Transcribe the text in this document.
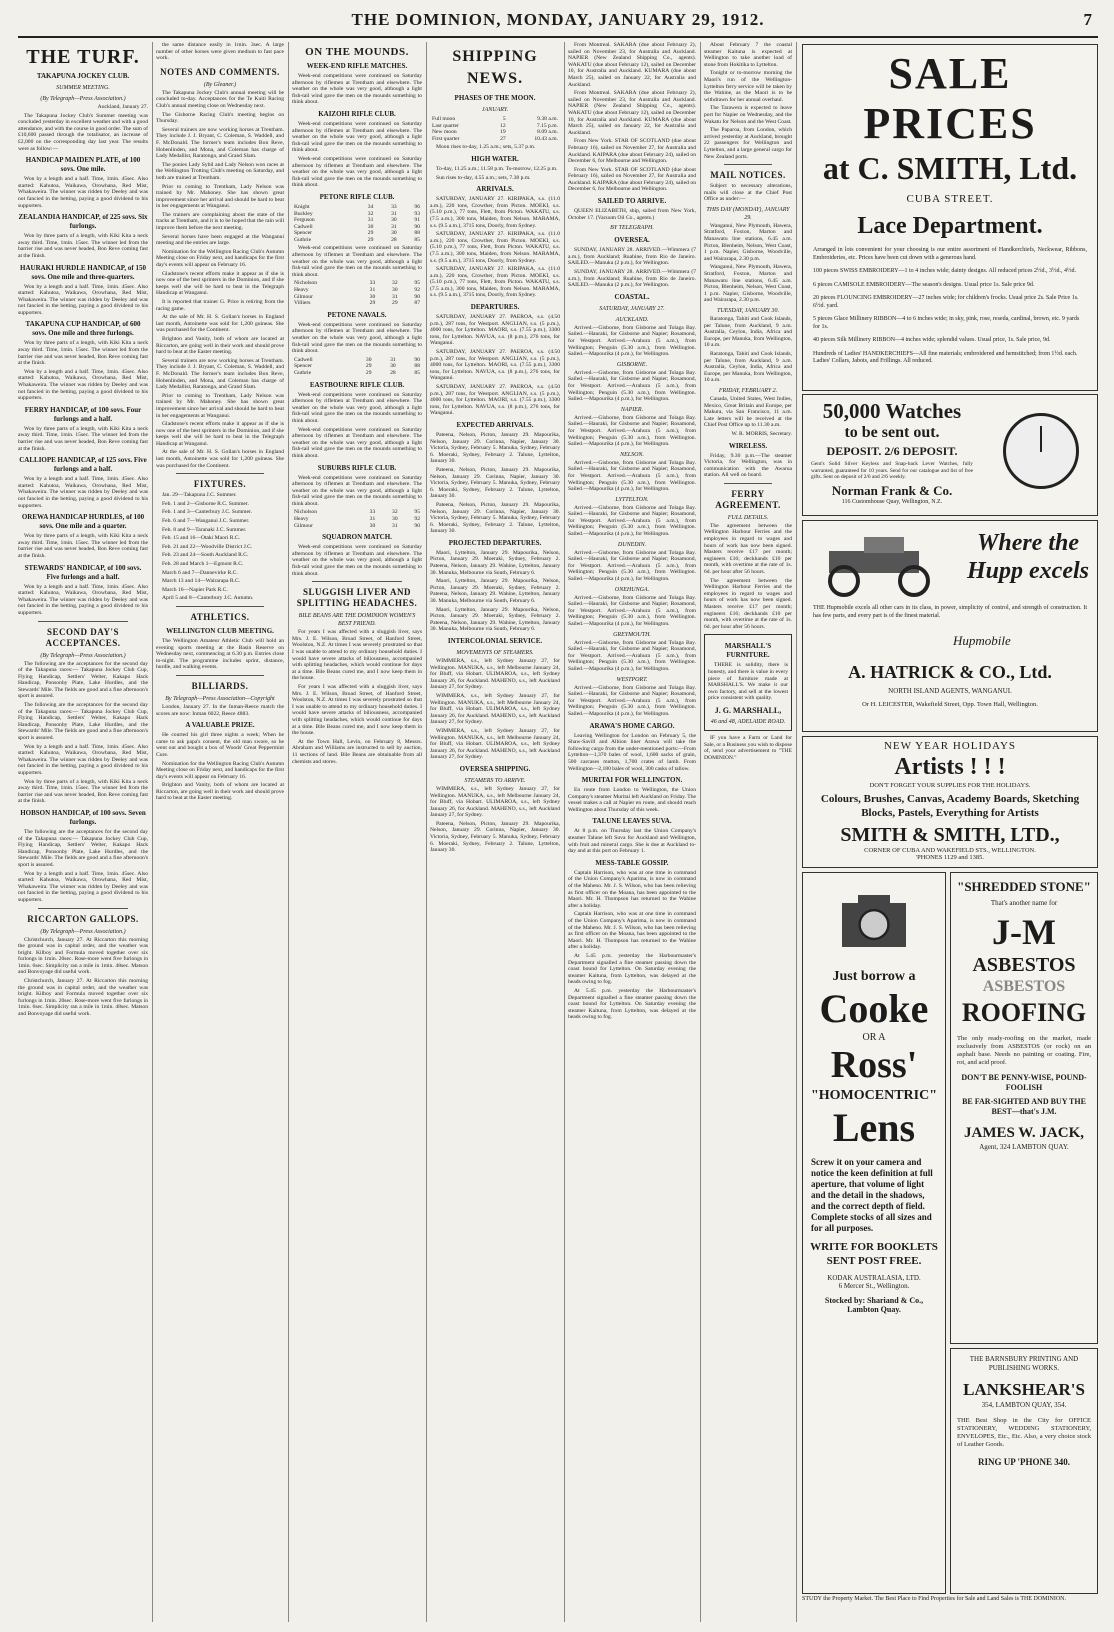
THE DOMINION, MONDAY, JANUARY 29, 1912.	7
THE TURF.
TAKAPUNA JOCKEY CLUB.
SUMMER MEETING.
(By Telegraph—Press Association.)

Auckland, January 27.

The Takapuna Jockey Club's Summer meeting was concluded yesterday in excellent weather and with a good attendance, and with the course in good order. The sum of £10,600 passed through the totalisator, an increase of £2,000 on the corresponding day last year. The results were as follow:—

HANDICAP MAIDEN PLATE, of 100 sovs. One mile.

Won by a length and a half. Time, 1min. 45sec. Also started: Kahutoa, Waikawa, Orowhana, Red Mist, Whakaweira. The winner was ridden by Deeley and was not fancied in the betting, paying a good dividend to his supporters.

ZEALANDIA HANDICAP, of 225 sovs. Six furlongs.

Won by three parts of a length, with Kiki Kita a neck away third. Time, 1min. 15sec. The winner led from the barrier rise and was never headed, Bon Reve coming fast at the finish.

HAURAKI HURDLE HANDICAP, of 150 sovs. One mile and three-quarters.

Won by a length and a half. Time, 1min. 45sec. Also started: Kahutoa, Waikawa, Orowhana, Red Mist, Whakaweira. The winner was ridden by Deeley and was not fancied in the betting, paying a good dividend to his supporters.

TAKAPUNA CUP HANDICAP, of 600 sovs. One mile and three furlongs.

Won by three parts of a length, with Kiki Kita a neck away third. Time, 1min. 15sec. The winner led from the barrier rise and was never headed, Bon Reve coming fast at the finish.

Won by a length and a half. Time, 1min. 45sec. Also started: Kahutoa, Waikawa, Orowhana, Red Mist, Whakaweira. The winner was ridden by Deeley and was not fancied in the betting, paying a good dividend to his supporters.

FERRY HANDICAP, of 100 sovs. Four furlongs and a half.

Won by three parts of a length, with Kiki Kita a neck away third. Time, 1min. 15sec. The winner led from the barrier rise and was never headed, Bon Reve coming fast at the finish.

CALLIOPE HANDICAP, of 125 sovs. Five furlongs and a half.

Won by a length and a half. Time, 1min. 45sec. Also started: Kahutoa, Waikawa, Orowhana, Red Mist, Whakaweira. The winner was ridden by Deeley and was not fancied in the betting, paying a good dividend to his supporters.

OREWA HANDICAP HURDLES, of 100 sovs. One mile and a quarter.

Won by three parts of a length, with Kiki Kita a neck away third. Time, 1min. 15sec. The winner led from the barrier rise and was never headed, Bon Reve coming fast at the finish.

STEWARDS' HANDICAP, of 100 sovs. Five furlongs and a half.

Won by a length and a half. Time, 1min. 45sec. Also started: Kahutoa, Waikawa, Orowhana, Red Mist, Whakaweira. The winner was ridden by Deeley and was not fancied in the betting, paying a good dividend to his supporters.

SECOND DAY'S ACCEPTANCES.
(By Telegraph—Press Association.)

The following are the acceptances for the second day of the Takapuna races:— Takapuna Jockey Club Cup, Flying Handicap, Settlers' Welter, Kakapo Hack Handicap, Ponsonby Plate, Lake Hurdles, and the Stewards' Mile. The fields are good and a fine afternoon's sport is assured.

The following are the acceptances for the second day of the Takapuna races:— Takapuna Jockey Club Cup, Flying Handicap, Settlers' Welter, Kakapo Hack Handicap, Ponsonby Plate, Lake Hurdles, and the Stewards' Mile. The fields are good and a fine afternoon's sport is assured.

Won by a length and a half. Time, 1min. 45sec. Also started: Kahutoa, Waikawa, Orowhana, Red Mist, Whakaweira. The winner was ridden by Deeley and was not fancied in the betting, paying a good dividend to his supporters.

Won by three parts of a length, with Kiki Kita a neck away third. Time, 1min. 15sec. The winner led from the barrier rise and was never headed, Bon Reve coming fast at the finish.

HOBSON HANDICAP, of 100 sovs. Seven furlongs.

The following are the acceptances for the second day of the Takapuna races:— Takapuna Jockey Club Cup, Flying Handicap, Settlers' Welter, Kakapo Hack Handicap, Ponsonby Plate, Lake Hurdles, and the Stewards' Mile. The fields are good and a fine afternoon's sport is assured.

Won by a length and a half. Time, 1min. 45sec. Also started: Kahutoa, Waikawa, Orowhana, Red Mist, Whakaweira. The winner was ridden by Deeley and was not fancied in the betting, paying a good dividend to his supporters.

RICCARTON GALLOPS.
(By Telegraph—Press Association.)

Christchurch, January 27. At Riccarton this morning the ground was in capital order, and the weather was bright. Kilboy and Formula moved together over six furlongs in 1min. 20sec. Rose-more went five furlongs in 1min. 6sec. Simplicity ran a mile in 1min. 48sec. Matson and Bonvoyage did useful work.

Christchurch, January 27. At Riccarton this morning the ground was in capital order, and the weather was bright. Kilboy and Formula moved together over six furlongs in 1min. 20sec. Rose-more went five furlongs in 1min. 6sec. Simplicity ran a mile in 1min. 48sec. Matson and Bonvoyage did useful work.

the same distance easily in 1min. 3sec. A large number of other horses were given medium to fast pace work.

NOTES AND COMMENTS.
(By Gleaner.)

The Takapuna Jockey Club's annual meeting will be concluded to-day. Acceptances for the Te Kuiti Racing Club's annual meeting close on Wednesday next.

The Gisborne Racing Club's meeting begins on Thursday.

Several trainers are now working horses at Trentham. They include J. J. Bryant, C. Coleman, S. Waddell, and F. McDonald. The former's team includes Bon Reve, Hohenlinden, and Mona, and Coleman has charge of Lady Medallist, Raratonga, and Grand Slam.

The ponies Lady Sybil and Lady Nelson won races at the Wellington Trotting Club's meeting on Saturday, and both are trained at Trentham.

Prior to coming to Trentham, Lady Nelson was trained by Mr. Mahoney. She has shown great improvement since her arrival and should be hard to beat in her engagements at Wanganui.

The trainers are complaining about the state of the tracks at Trentham, and it is to be hoped that the rain will improve them before the next meeting.

Several horses have been engaged at the Wanganui meeting and the entries are large.

Nomination for the Wellington Racing Club's Autumn Meeting close on Friday next, and handicaps for the first day's events will appear on February 16.

Gladstone's recent efforts make it appear as if she is now one of the best sprinters in the Dominion, and if she keeps well she will be hard to beat in the Telegraph Handicap at Wanganui.

It is reported that trainer G. Price is retiring from the racing game.

At the sale of Mr. H. S. Gollan's horses in England last month, Antoinette was sold for 1,200 guineas. She was purchased for the Continent.

Brighton and Vanity, both of whom are located at Riccarton, are going well in their work and should prove hard to beat at the Easter meeting.

Several trainers are now working horses at Trentham. They include J. J. Bryant, C. Coleman, S. Waddell, and F. McDonald. The former's team includes Bon Reve, Hohenlinden, and Mona, and Coleman has charge of Lady Medallist, Raratonga, and Grand Slam.

Prior to coming to Trentham, Lady Nelson was trained by Mr. Mahoney. She has shown great improvement since her arrival and should be hard to beat in her engagements at Wanganui.

Gladstone's recent efforts make it appear as if she is now one of the best sprinters in the Dominion, and if she keeps well she will be hard to beat in the Telegraph Handicap at Wanganui.

At the sale of Mr. H. S. Gollan's horses in England last month, Antoinette was sold for 1,200 guineas. She was purchased for the Continent.

FIXTURES.

Jan. 29—Takapuna J.C. Summer.

Feb. 1 and 2—Gisborne R.C. Summer.

Feb. 1 and 3—Canterbury J.C. Summer.

Feb. 6 and 7—Wanganui J.C. Summer.

Feb. 8 and 9—Taranaki J.C. Summer.

Feb. 15 and 16—Otaki Maori R.C.

Feb. 21 and 22—Woodville District J.C.

Feb. 23 and 24—South Auckland R.C.

Feb. 28 and March 1—Egmont R.C.

March 6 and 7—Dannevirke R.C.

March 13 and 14—Wairarapa R.C.

March 16—Napier Park R.C.

April 5 and 8—Canterbury J.C. Autumn.

ATHLETICS.
WELLINGTON CLUB MEETING.

The Wellington Amateur Athletic Club will hold an evening sports meeting at the Basin Reserve on Wednesday next, commencing at 6.30 p.m. Entries close to-night. The programme includes sprint, distance, hurdle, and walking events.

BILLIARDS.
By Telegraph—Press Association—Copyright

London, January 27. In the Inman-Reece match the scores are now: Inman 6022, Reece 4883.

A VALUABLE PRIZE.

He courted his girl three nights a week; When he came to ask papa's consent, the old man swore, so he went out and bought a box of Woods' Great Peppermint Cure.

Nomination for the Wellington Racing Club's Autumn Meeting close on Friday next, and handicaps for the first day's events will appear on February 16.

Brighton and Vanity, both of whom are located at Riccarton, are going well in their work and should prove hard to beat at the Easter meeting.

ON THE MOUNDS.
WEEK-END RIFLE MATCHES.

Week-end competitions were continued on Saturday afternoon by riflemen at Trentham and elsewhere. The weather on the whole was very good, although a light fish-tail wind gave the men on the mounds something to think about.

KAIZOHI RIFLE CLUB.

Week-end competitions were continued on Saturday afternoon by riflemen at Trentham and elsewhere. The weather on the whole was very good, although a light fish-tail wind gave the men on the mounds something to think about.

Week-end competitions were continued on Saturday afternoon by riflemen at Trentham and elsewhere. The weather on the whole was very good, although a light fish-tail wind gave the men on the mounds something to think about.

PETONE RIFLE CLUB.
Knight	34	33	96
Buckley	32	31	93
Ferguson	31	30	91
Cadwell	30	31	90
Spencer	29	30	88
Guthrie	29	28	85

Week-end competitions were continued on Saturday afternoon by riflemen at Trentham and elsewhere. The weather on the whole was very good, although a light fish-tail wind gave the men on the mounds something to think about.

Nicholson	33	32	95
Heavy	31	30	92
Gilmour	30	31	90
Villiers	29	29	87
PETONE NAVALS.

Week-end competitions were continued on Saturday afternoon by riflemen at Trentham and elsewhere. The weather on the whole was very good, although a light fish-tail wind gave the men on the mounds something to think about.

Cadwell	30	31	90
Spencer	29	30	88
Guthrie	29	28	85
EASTBOURNE RIFLE CLUB.

Week-end competitions were continued on Saturday afternoon by riflemen at Trentham and elsewhere. The weather on the whole was very good, although a light fish-tail wind gave the men on the mounds something to think about.

Week-end competitions were continued on Saturday afternoon by riflemen at Trentham and elsewhere. The weather on the whole was very good, although a light fish-tail wind gave the men on the mounds something to think about.

SUBURBS RIFLE CLUB.

Week-end competitions were continued on Saturday afternoon by riflemen at Trentham and elsewhere. The weather on the whole was very good, although a light fish-tail wind gave the men on the mounds something to think about.

Nicholson	33	32	95
Heavy	31	30	92
Gilmour	30	31	90
SQUADRON MATCH.

Week-end competitions were continued on Saturday afternoon by riflemen at Trentham and elsewhere. The weather on the whole was very good, although a light fish-tail wind gave the men on the mounds something to think about.

SLUGGISH LIVER AND SPLITTING HEADACHES.
BILE BEANS ARE THE DOMINION WOMEN'S BEST FRIEND.

For years I was affected with a sluggish liver, says Mrs. J. E. Wilson, Broad Street, of Hanford Street, Woolston, N.Z. At times I was severely prostrated so that I was unable to attend to my ordinary household duties. I would have severe attacks of biliousness, accompanied with splitting headaches, which would continue for days at a time. Bile Beans cured me, and I now keep them in the house.

For years I was affected with a sluggish liver, says Mrs. J. E. Wilson, Broad Street, of Hanford Street, Woolston, N.Z. At times I was severely prostrated so that I was unable to attend to my ordinary household duties. I would have severe attacks of biliousness, accompanied with splitting headaches, which would continue for days at a time. Bile Beans cured me, and I now keep them in the house.

At the Town Hall, Levin, on February 8, Messrs. Abraham and Williams are instructed to sell by auction, 11 sections of land. Bile Beans are obtainable from all chemists and stores.

SHIPPING NEWS.
PHASES OF THE MOON.
JANUARY.
Full moon	5	9.38 a.m.
Last quarter	12	7.15 p.m.
New moon	19	8.09 a.m.
First quarter	27	10.43 a.m.

Moon rises to-day, 1.25 a.m.; sets, 5.37 p.m.

HIGH WATER.

To-day, 11.25 a.m.; 11.58 p.m. To-morrow, 12.25 p.m.

Sun rises to-day, 4.55 a.m.; sets, 7.38 p.m.

ARRIVALS.

SATURDAY, JANUARY 27. KIRIPAKA, s.s. (11.0 a.m.), 220 tons, Crowther, from Picton. MOEKI, s.s. (5.10 p.m.), 77 tons, Flett, from Picton. WAKATU, s.s. (7.5 a.m.), 300 tons, Maiden, from Nelson. MARAMA, s.s. (9.5 a.m.), 3715 tons, Doorly, from Sydney.

SATURDAY, JANUARY 27. KIRIPAKA, s.s. (11.0 a.m.), 220 tons, Crowther, from Picton. MOEKI, s.s. (5.10 p.m.), 77 tons, Flett, from Picton. WAKATU, s.s. (7.5 a.m.), 300 tons, Maiden, from Nelson. MARAMA, s.s. (9.5 a.m.), 3715 tons, Doorly, from Sydney.

SATURDAY, JANUARY 27. KIRIPAKA, s.s. (11.0 a.m.), 220 tons, Crowther, from Picton. MOEKI, s.s. (5.10 p.m.), 77 tons, Flett, from Picton. WAKATU, s.s. (7.5 a.m.), 300 tons, Maiden, from Nelson. MARAMA, s.s. (9.5 a.m.), 3715 tons, Doorly, from Sydney.

DEPARTURES.

SATURDAY, JANUARY 27. PAEROA, s.s. (4.50 p.m.), 287 tons, for Westport. ANGLIAN, s.s. (5 p.m.), 4000 tons, for Lyttelton. MAORI, s.s. (7.55 p.m.), 3300 tons, for Lyttelton. NAVUA, s.s. (8 p.m.), 276 tons, for Wanganui.

SATURDAY, JANUARY 27. PAEROA, s.s. (4.50 p.m.), 287 tons, for Westport. ANGLIAN, s.s. (5 p.m.), 4000 tons, for Lyttelton. MAORI, s.s. (7.55 p.m.), 3300 tons, for Lyttelton. NAVUA, s.s. (8 p.m.), 276 tons, for Wanganui.

SATURDAY, JANUARY 27. PAEROA, s.s. (4.50 p.m.), 287 tons, for Westport. ANGLIAN, s.s. (5 p.m.), 4000 tons, for Lyttelton. MAORI, s.s. (7.55 p.m.), 3300 tons, for Lyttelton. NAVUA, s.s. (8 p.m.), 276 tons, for Wanganui.

EXPECTED ARRIVALS.

Pateena, Nelson, Picton, January 29. Mapourika, Nelson, January 29. Corinna, Napier, January 30. Victoria, Sydney, February 5. Manuka, Sydney, February 6. Moeraki, Sydney, February 2. Talune, Lyttelton, January 30.

Pateena, Nelson, Picton, January 29. Mapourika, Nelson, January 29. Corinna, Napier, January 30. Victoria, Sydney, February 5. Manuka, Sydney, February 6. Moeraki, Sydney, February 2. Talune, Lyttelton, January 30.

Pateena, Nelson, Picton, January 29. Mapourika, Nelson, January 29. Corinna, Napier, January 30. Victoria, Sydney, February 5. Manuka, Sydney, February 6. Moeraki, Sydney, February 2. Talune, Lyttelton, January 30.

PROJECTED DEPARTURES.

Maori, Lyttelton, January 29. Mapourika, Nelson, Picton, January 29. Moeraki, Sydney, February 2. Pateena, Nelson, January 29. Wahine, Lyttelton, January 30. Manuka, Melbourne via South, February 6.

Maori, Lyttelton, January 29. Mapourika, Nelson, Picton, January 29. Moeraki, Sydney, February 2. Pateena, Nelson, January 29. Wahine, Lyttelton, January 30. Manuka, Melbourne via South, February 6.

Maori, Lyttelton, January 29. Mapourika, Nelson, Picton, January 29. Moeraki, Sydney, February 2. Pateena, Nelson, January 29. Wahine, Lyttelton, January 30. Manuka, Melbourne via South, February 6.

INTERCOLONIAL SERVICE.
MOVEMENTS OF STEAMERS.

WIMMERA, s.s., left Sydney January 27, for Wellington. MANUKA, s.s., left Melbourne January 24, for Bluff, via Hobart. ULIMAROA, s.s., left Sydney January 26, for Auckland. MAHENO, s.s., left Auckland January 27, for Sydney.

WIMMERA, s.s., left Sydney January 27, for Wellington. MANUKA, s.s., left Melbourne January 24, for Bluff, via Hobart. ULIMAROA, s.s., left Sydney January 26, for Auckland. MAHENO, s.s., left Auckland January 27, for Sydney.

WIMMERA, s.s., left Sydney January 27, for Wellington. MANUKA, s.s., left Melbourne January 24, for Bluff, via Hobart. ULIMAROA, s.s., left Sydney January 26, for Auckland. MAHENO, s.s., left Auckland January 27, for Sydney.

OVERSEA SHIPPING.
STEAMERS TO ARRIVE.

WIMMERA, s.s., left Sydney January 27, for Wellington. MANUKA, s.s., left Melbourne January 24, for Bluff, via Hobart. ULIMAROA, s.s., left Sydney January 26, for Auckland. MAHENO, s.s., left Auckland January 27, for Sydney.

Pateena, Nelson, Picton, January 29. Mapourika, Nelson, January 29. Corinna, Napier, January 30. Victoria, Sydney, February 5. Manuka, Sydney, February 6. Moeraki, Sydney, February 2. Talune, Lyttelton, January 30.

From Montreal. SAKARA (due about February 2), sailed on November 23, for Australia and Auckland. NAPIER (New Zealand Shipping Co., agents). WAKATU (due about February 12), sailed on December 10, for Australia and Auckland. KUMARA (due about March 25), sailed on January 22, for Australia and Auckland.

From Montreal. SAKARA (due about February 2), sailed on November 23, for Australia and Auckland. NAPIER (New Zealand Shipping Co., agents). WAKATU (due about February 12), sailed on December 10, for Australia and Auckland. KUMARA (due about March 25), sailed on January 22, for Australia and Auckland.

From New York. STAR OF SCOTLAND (due about February 16), sailed on November 27, for Australia and Auckland. KAIPARA (due about February 24), sailed on December 6, for Melbourne and Wellington.

From New York. STAR OF SCOTLAND (due about February 16), sailed on November 27, for Australia and Auckland. KAIPARA (due about February 24), sailed on December 6, for Melbourne and Wellington.

SAILED TO ARRIVE.

QUEEN ELIZABETH, ship, sailed from New York, October 17. (Vacuum Oil Co., agents.)

BY TELEGRAPH.
OVERSEA.

SUNDAY, JANUARY 28. ARRIVED.—Wimmera (7 a.m.), from Auckland; Ruahine, from Rio de Janeiro. SAILED.—Manuka (2 p.m.), for Wellington.

SUNDAY, JANUARY 28. ARRIVED.—Wimmera (7 a.m.), from Auckland; Ruahine, from Rio de Janeiro. SAILED.—Manuka (2 p.m.), for Wellington.

COASTAL.
SATURDAY, JANUARY 27.
AUCKLAND.

Arrived.—Gisborne, from Gisborne and Tolaga Bay. Sailed.—Hauraki, for Gisborne and Napier; Rosamond, for Westport. Arrived.—Arahura (5 a.m.), from Wellington; Penguin (5.30 a.m.), from Wellington. Sailed.—Mapourika (4 p.m.), for Wellington.

GISBORNE.

Arrived.—Gisborne, from Gisborne and Tolaga Bay. Sailed.—Hauraki, for Gisborne and Napier; Rosamond, for Westport. Arrived.—Arahura (5 a.m.), from Wellington; Penguin (5.30 a.m.), from Wellington. Sailed.—Mapourika (4 p.m.), for Wellington.

NAPIER.

Arrived.—Gisborne, from Gisborne and Tolaga Bay. Sailed.—Hauraki, for Gisborne and Napier; Rosamond, for Westport. Arrived.—Arahura (5 a.m.), from Wellington; Penguin (5.30 a.m.), from Wellington. Sailed.—Mapourika (4 p.m.), for Wellington.

NELSON.

Arrived.—Gisborne, from Gisborne and Tolaga Bay. Sailed.—Hauraki, for Gisborne and Napier; Rosamond, for Westport. Arrived.—Arahura (5 a.m.), from Wellington; Penguin (5.30 a.m.), from Wellington. Sailed.—Mapourika (4 p.m.), for Wellington.

LYTTELTON.

Arrived.—Gisborne, from Gisborne and Tolaga Bay. Sailed.—Hauraki, for Gisborne and Napier; Rosamond, for Westport. Arrived.—Arahura (5 a.m.), from Wellington; Penguin (5.30 a.m.), from Wellington. Sailed.—Mapourika (4 p.m.), for Wellington.

DUNEDIN.

Arrived.—Gisborne, from Gisborne and Tolaga Bay. Sailed.—Hauraki, for Gisborne and Napier; Rosamond, for Westport. Arrived.—Arahura (5 a.m.), from Wellington; Penguin (5.30 a.m.), from Wellington. Sailed.—Mapourika (4 p.m.), for Wellington.

ONEHUNGA.

Arrived.—Gisborne, from Gisborne and Tolaga Bay. Sailed.—Hauraki, for Gisborne and Napier; Rosamond, for Westport. Arrived.—Arahura (5 a.m.), from Wellington; Penguin (5.30 a.m.), from Wellington. Sailed.—Mapourika (4 p.m.), for Wellington.

GREYMOUTH.

Arrived.—Gisborne, from Gisborne and Tolaga Bay. Sailed.—Hauraki, for Gisborne and Napier; Rosamond, for Westport. Arrived.—Arahura (5 a.m.), from Wellington; Penguin (5.30 a.m.), from Wellington. Sailed.—Mapourika (4 p.m.), for Wellington.

WESTPORT.

Arrived.—Gisborne, from Gisborne and Tolaga Bay. Sailed.—Hauraki, for Gisborne and Napier; Rosamond, for Westport. Arrived.—Arahura (5 a.m.), from Wellington; Penguin (5.30 a.m.), from Wellington. Sailed.—Mapourika (4 p.m.), for Wellington.

ARAWA'S HOME CARGO.

Leaving Wellington for London on February 5, the Shaw-Savill and Albion liner Arawa will take the following cargo from the under-mentioned ports:—From Lyttelton—1,370 bales of wool, 1,600 sacks of grain, 500 carcases mutton, 1,700 crates of lamb. From Wellington—2,180 bales of wool, 300 casks of tallow.

MURITAI FOR WELLINGTON.

En route from London to Wellington, the Union Company's steamer Muritai left Auckland on Friday. The vessel makes a call at Napier en route, and should reach Wellington about Thursday of this week.

TALUNE LEAVES SUVA.

At 8 p.m. on Thursday last the Union Company's steamer Talune left Suva for Auckland and Wellington, with fruit and mineral cargo. She is due at Auckland to-day and at this port on February 1.

MESS-TABLE GOSSIP.

Captain Harrison, who was at one time in command of the Union Company's Aparima, is now in command of the Maheno. Mr. J. S. Wilson, who has been relieving as first officer on the Moana, has been appointed to the Maori. Mr. H. Thompson has returned to the Wahine after a holiday.

Captain Harrison, who was at one time in command of the Union Company's Aparima, is now in command of the Maheno. Mr. J. S. Wilson, who has been relieving as first officer on the Moana, has been appointed to the Maori. Mr. H. Thompson has returned to the Wahine after a holiday.

At 5.45 p.m. yesterday the Harbourmaster's Department signalled a fine steamer passing down the coast bound for Lyttelton. On Saturday evening the steamer Kaituna, from Lyttelton, was delayed at the heads owing to fog.

At 5.45 p.m. yesterday the Harbourmaster's Department signalled a fine steamer passing down the coast bound for Lyttelton. On Saturday evening the steamer Kaituna, from Lyttelton, was delayed at the heads owing to fog.

About February 7 the coastal steamer Kaituna is expected at Wellington to take another load of stone from Hokitika to Lyttelton.

Tonight or to-morrow morning the Maori's run of the Wellington-Lyttelton ferry service will be taken by the Wahine, as the Maori is to be withdrawn for her annual overhaul.

The Tarawera is expected to leave port for Napier on Wednesday, and the Wakatu for Nelson and the West Coast.

The Paparoa, from London, which arrived yesterday at Auckland, brought 22 passengers for Wellington and Lyttelton, and a large general cargo for New Zealand ports.

MAIL NOTICES.

Subject to necessary alterations, mails will close at the Chief Post Office as under:—

THIS DAY (MONDAY), JANUARY 29.

Wanganui, New Plymouth, Hawera, Stratford, Foxton, Marton and Manawatu line stations, 6.45 a.m. Picton, Blenheim, Nelson, West Coast, 1 p.m. Napier, Gisborne, Woodville, and Wairarapa, 2.30 p.m.

Wanganui, New Plymouth, Hawera, Stratford, Foxton, Marton and Manawatu line stations, 6.45 a.m. Picton, Blenheim, Nelson, West Coast, 1 p.m. Napier, Gisborne, Woodville, and Wairarapa, 2.30 p.m.

TUESDAY, JANUARY 30.

Raratonga, Tahiti and Cook Islands, per Talune, from Auckland, 9 a.m. Australia, Ceylon, India, Africa and Europe, per Manuka, from Wellington, 10 a.m.

Raratonga, Tahiti and Cook Islands, per Talune, from Auckland, 9 a.m. Australia, Ceylon, India, Africa and Europe, per Manuka, from Wellington, 10 a.m.

FRIDAY, FEBRUARY 2.

Canada, United States, West Indies, Mexico, Great Britain and Europe, per Makura, via San Francisco, 11 a.m. Late letters will be received at the Chief Post Office up to 11.30 a.m.

W. R. MORRIS, Secretary.

WIRELESS.

Friday, 9.30 p.m.—The steamer Victoria, for Wellington, was in communication with the Awarua station. All well on board.

FERRY AGREEMENT.
FULL DETAILS.

The agreement between the Wellington Harbour Ferries and the employees in regard to wages and hours of work has now been signed. Masters receive £17 per month; engineers £16; deckhands £10 per month, with overtime at the rate of 1s. 6d. per hour after 56 hours.

The agreement between the Wellington Harbour Ferries and the employees in regard to wages and hours of work has now been signed. Masters receive £17 per month; engineers £16; deckhands £10 per month, with overtime at the rate of 1s. 6d. per hour after 56 hours.

MARSHALL'S FURNITURE.

THERE is solidity, there is honesty, and there is value in every piece of furniture made at MARSHALL'S. We make it our own factory, and sell at the lowest price consistent with quality.

J. G. MARSHALL,
46 and 48, ADELAIDE ROAD.

IF you have a Farm or Land for Sale, or a Business you wish to dispose of, send your advertisement to "THE DOMINION."

SALE PRICES
at C. SMITH, Ltd.
CUBA STREET.
Lace Department.
Arranged in lots convenient for your choosing is our entire assortment of Handkerchiefs, Neckwear, Ribbons, Embroideries, etc. Prices have been cut down with a generous hand.
100 pieces SWISS EMBROIDERY—1 to 4 inches wide; dainty designs. All reduced prices 2½d., 3½d., 4½d.
6 pieces CAMISOLE EMBROIDERY—The season's designs. Usual price 1s. Sale price 9d.
20 pieces FLOUNCING EMBROIDERY—27 inches wide; for children's frocks. Usual price 2s. Sale Price 1s. 6½d. yard.
5 pieces Glace Millinery RIBBON—4 to 6 inches wide; in sky, pink, rose, reseda, cardinal, brown, etc. 9 yards for 1s.
40 pieces Silk Millinery RIBBON—4 inches wide; splendid values. Usual price, 1s. Sale price, 9d.
Hundreds of Ladies' HANDKERCHIEFS—All fine materials; embroidered and hemstitched; from 1½d. each. Ladies' Collars, Jabots, and Frillings. All reduced.
50,000 Watches
to be sent out.
DEPOSIT. 2/6 DEPOSIT.
Gent's Solid Silver Keyless and Snap-back Lever Watches, fully warranted, guaranteed for 10 years. Send for our catalogue and list of free gifts. Sent on deposit of 2/6 and 2/6 weekly.
Norman Frank & Co.
116 Customhouse Quay, Wellington, N.Z.
Where the Hupp excels
THE Hupmobile excels all other cars in its class, in power, simplicity of control, and strength of construction. It has few parts, and every part is of the finest material.
Hupmobile
A. HATRICK & CO., Ltd.
NORTH ISLAND AGENTS, WANGANUI.
Or H. LEICESTER, Wakefield Street, Opp. Town Hall, Wellington.
NEW YEAR HOLIDAYS
Artists ! ! !
DON'T FORGET YOUR SUPPLIES FOR THE HOLIDAYS.
Colours, Brushes, Canvas, Academy Boards, Sketching Blocks, Pastels, Everything for Artists
SMITH & SMITH, LTD.,
CORNER OF CUBA AND WAKEFIELD STS., WELLINGTON.
'PHONES 1129 and 1385.
Just borrow a
Cooke
OR A
Ross'
"HOMOCENTRIC"
Lens
Screw it on your camera and notice the keen definition at full aperture, that volume of light and the detail in the shadows, and the correct depth of field. Complete stocks of all sizes and for all purposes.
WRITE FOR BOOKLETS SENT POST FREE.
KODAK AUSTRALASIA, LTD.
6 Mercer St., Wellington.
Stocked by: Shariand & Co., Lambton Quay.
"SHREDDED STONE"
That's another name for
J-M
ASBESTOS
ASBESTOS
ROOFING
The only ready-roofing on the market, made exclusively from ASBESTOS (or rock) on an asphalt base. Needs no painting or coating. Fire, rot, and acid proof.
DON'T BE PENNY-WISE, POUND-FOOLISH
BE FAR-SIGHTED AND BUY THE BEST—that's J.M.
JAMES W. JACK,
Agent, 324 LAMBTON QUAY.
THE BARNSBURY PRINTING AND PUBLISHING WORKS.
LANKSHEAR'S
354, LAMBTON QUAY, 354.
THE Best Shop in the City for OFFICE STATIONERY, WEDDING STATIONERY, ENVELOPES, Etc., Etc. Also, a very choice stock of Leather Goods.
RING UP 'PHONE 340.
STUDY the Property Market. The Best Place to Find Properties for Sale and Land Sales is THE DOMINION.
